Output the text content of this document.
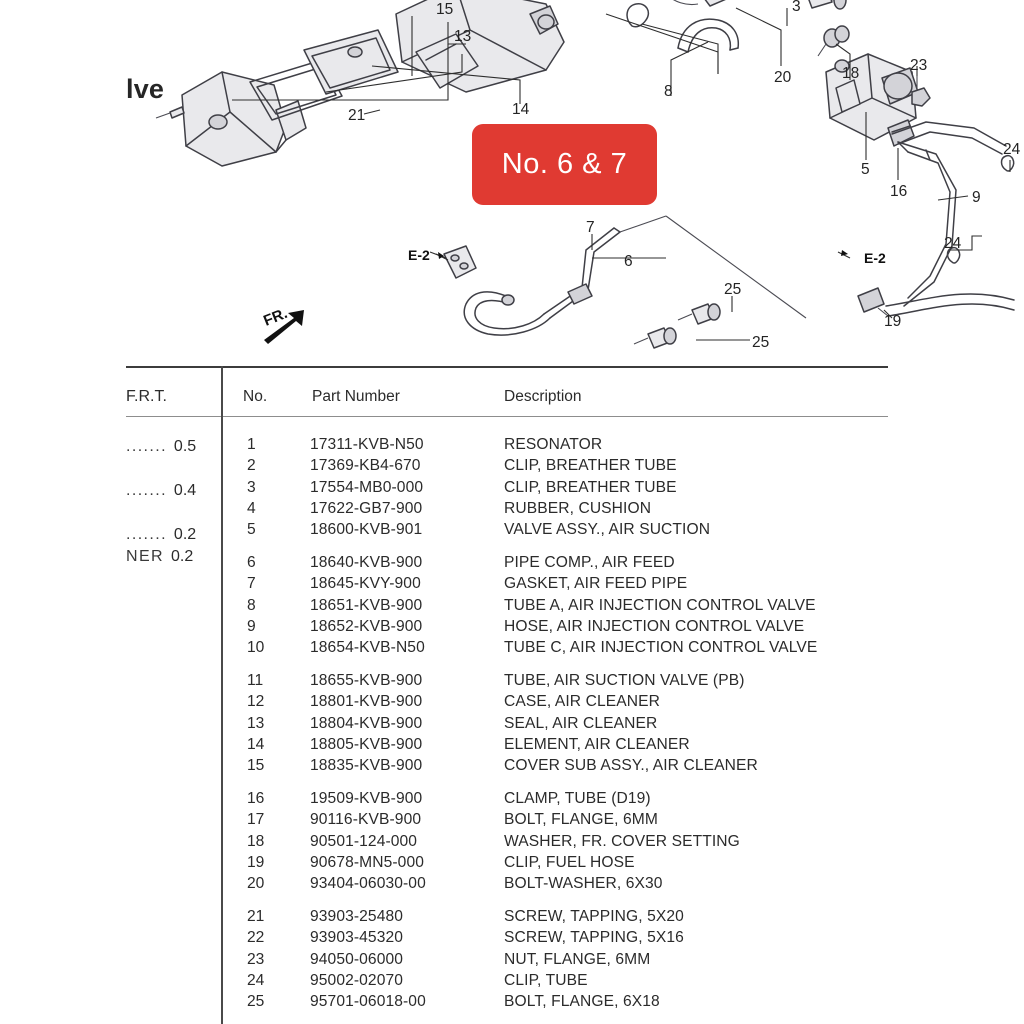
lve
15
13
14
21
8
3
20	18	23
5
16	9
24
7
6
25
25
24
19
E-2	E-2
FR.
No. 6 & 7
No.	Part Number	Description
F.R.T.
....... 0.5
....... 0.4
....... 0.2
NER 0.2
1	17311-KVB-N50	RESONATOR
2	17369-KB4-670	CLIP, BREATHER TUBE
3	17554-MB0-000	CLIP, BREATHER TUBE
4	17622-GB7-900	RUBBER, CUSHION
5	18600-KVB-901	VALVE ASSY., AIR SUCTION
6	18640-KVB-900	PIPE COMP., AIR FEED
7	18645-KVY-900	GASKET, AIR FEED PIPE
8	18651-KVB-900	TUBE A, AIR INJECTION CONTROL VALVE
9	18652-KVB-900	HOSE, AIR INJECTION CONTROL VALVE
10	18654-KVB-N50	TUBE C, AIR INJECTION CONTROL VALVE
11	18655-KVB-900	TUBE, AIR SUCTION VALVE (PB)
12	18801-KVB-900	CASE, AIR CLEANER
13	18804-KVB-900	SEAL, AIR CLEANER
14	18805-KVB-900	ELEMENT, AIR CLEANER
15	18835-KVB-900	COVER SUB ASSY., AIR CLEANER
16	19509-KVB-900	CLAMP, TUBE (D19)
17	90116-KVB-900	BOLT, FLANGE, 6MM
18	90501-124-000	WASHER, FR. COVER SETTING
19	90678-MN5-000	CLIP, FUEL HOSE
20	93404-06030-00	BOLT-WASHER, 6X30
21	93903-25480	SCREW, TAPPING, 5X20
22	93903-45320	SCREW, TAPPING, 5X16
23	94050-06000	NUT, FLANGE, 6MM
24	95002-02070	CLIP, TUBE
25	95701-06018-00	BOLT, FLANGE, 6X18
